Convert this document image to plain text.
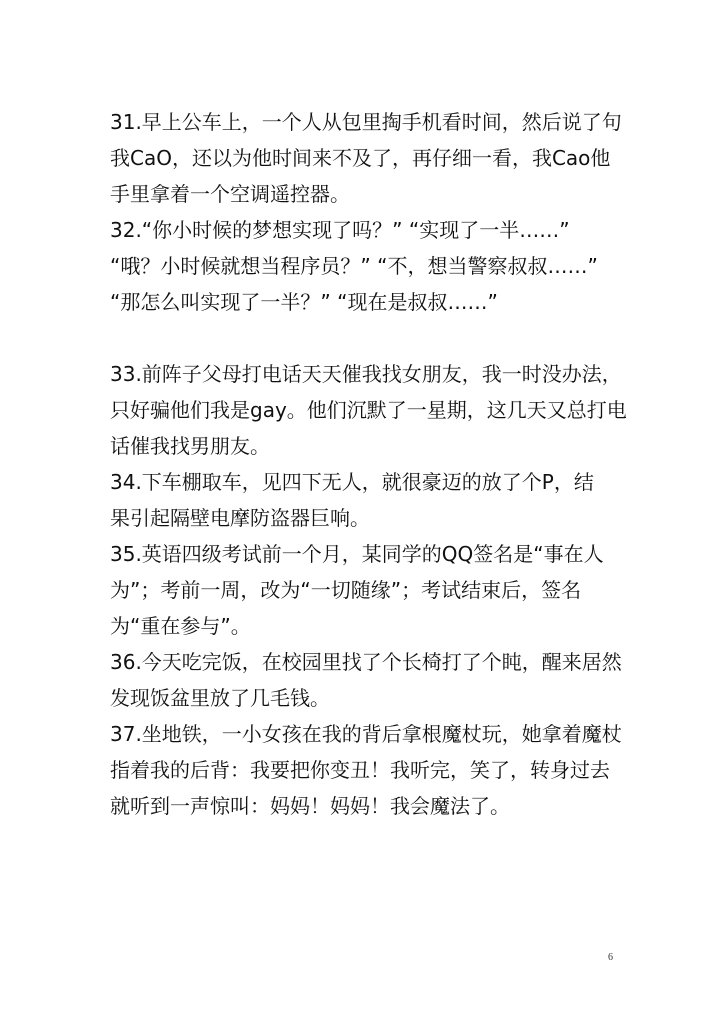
31.早上公车上，一个人从包里掏手机看时间，然后说了句
我CaO，还以为他时间来不及了，再仔细一看，我Cao他
手里拿着一个空调遥控器。
32.“你小时候的梦想实现了吗？” “实现了一半……”
“哦？小时候就想当程序员？” “不，想当警察叔叔……”
“那怎么叫实现了一半？” “现在是叔叔……”
33.前阵子父母打电话天天催我找女朋友，我一时没办法，
只好骗他们我是gay。他们沉默了一星期，这几天又总打电
话催我找男朋友。
34.下车棚取车，见四下无人，就很豪迈的放了个P，结
果引起隔壁电摩防盗器巨响。
35.英语四级考试前一个月，某同学的QQ签名是“事在人
为”；考前一周，改为“一切随缘”；考试结束后，签名
为“重在参与”。
36.今天吃完饭，在校园里找了个长椅打了个盹，醒来居然
发现饭盆里放了几毛钱。
37.坐地铁，一小女孩在我的背后拿根魔杖玩，她拿着魔杖
指着我的后背：我要把你变丑！我听完，笑了，转身过去
就听到一声惊叫：妈妈！妈妈！我会魔法了。
6
